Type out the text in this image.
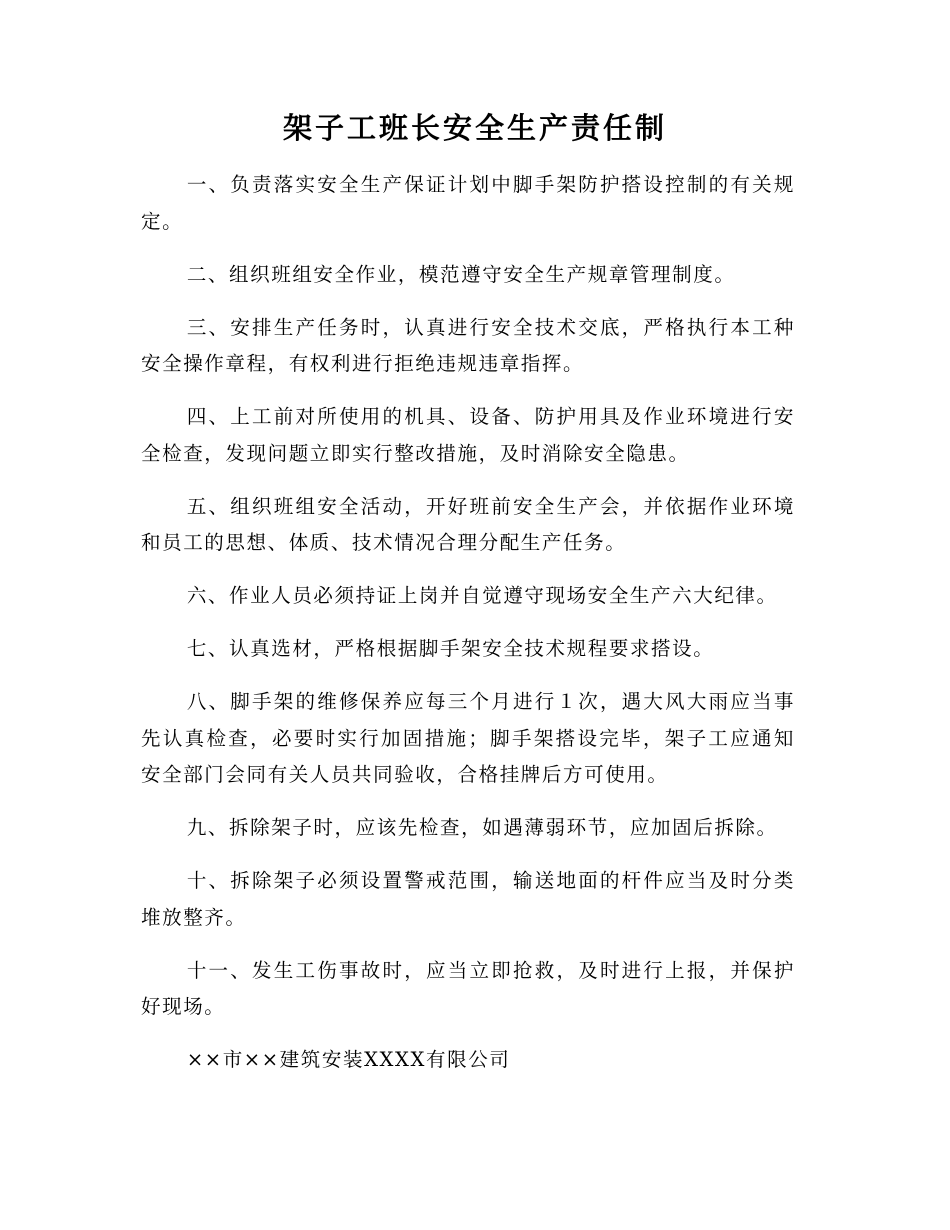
架子工班长安全生产责任制

一、负责落实安全生产保证计划中脚手架防护搭设控制的有关规定。

二、组织班组安全作业，模范遵守安全生产规章管理制度。

三、安排生产任务时，认真进行安全技术交底，严格执行本工种安全操作章程，有权利进行拒绝违规违章指挥。

四、上工前对所使用的机具、设备、防护用具及作业环境进行安全检查，发现问题立即实行整改措施，及时消除安全隐患。

五、组织班组安全活动，开好班前安全生产会，并依据作业环境和员工的思想、体质、技术情况合理分配生产任务。

六、作业人员必须持证上岗并自觉遵守现场安全生产六大纪律。

七、认真选材，严格根据脚手架安全技术规程要求搭设。

八、脚手架的维修保养应每三个月进行１次，遇大风大雨应当事先认真检查，必要时实行加固措施；脚手架搭设完毕，架子工应通知安全部门会同有关人员共同验收，合格挂牌后方可使用。

九、拆除架子时，应该先检查，如遇薄弱环节，应加固后拆除。

十、拆除架子必须设置警戒范围，输送地面的杆件应当及时分类堆放整齐。

十一、发生工伤事故时，应当立即抢救，及时进行上报，并保护好现场。

××市××建筑安装XXXX有限公司
